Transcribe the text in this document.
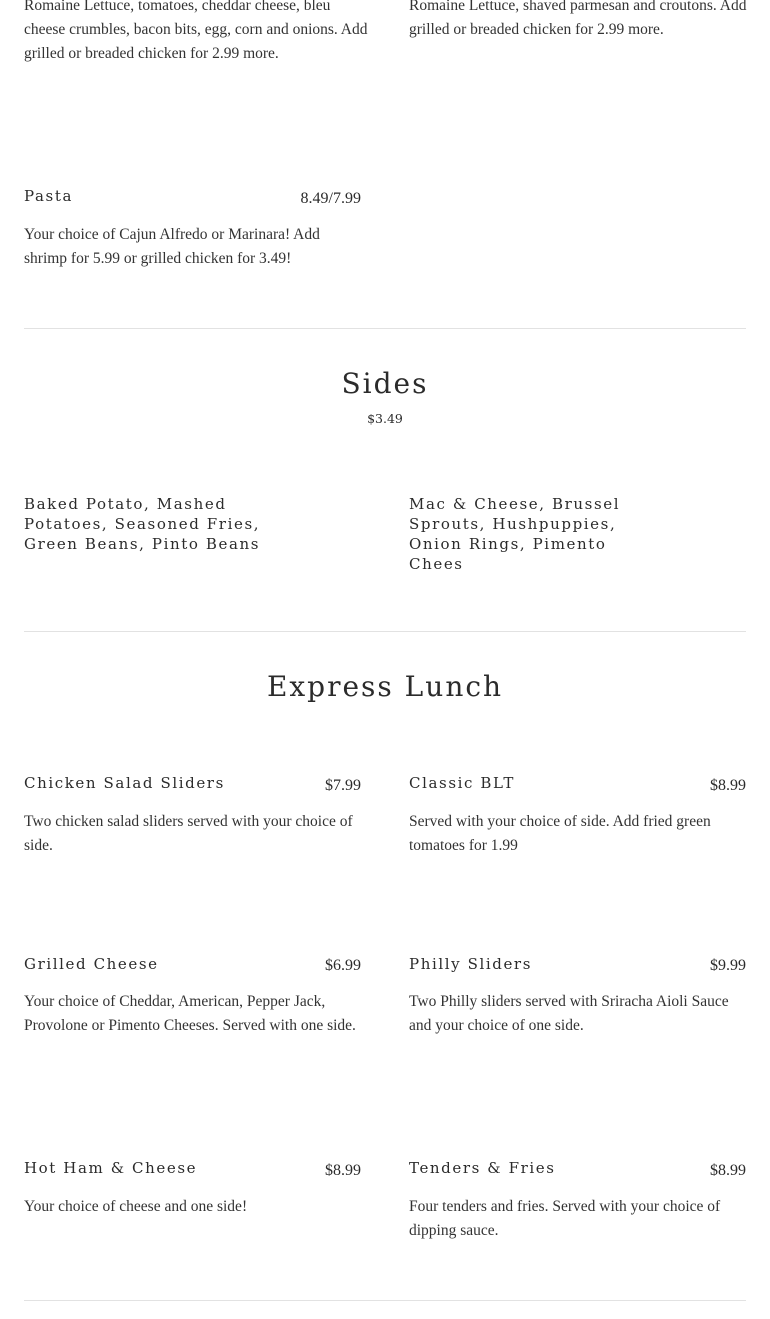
Romaine Lettuce, tomatoes, cheddar cheese, bleu cheese crumbles, bacon bits, egg, corn and onions. Add grilled or breaded chicken for 2.99 more.
Romaine Lettuce, shaved parmesan and croutons. Add grilled or breaded chicken for 2.99 more.
Pasta	8.49/7.99
Your choice of Cajun Alfredo or Marinara! Add shrimp for 5.99 or grilled chicken for 3.49!
Sides
$3.49
Baked Potato, Mashed Potatoes, Seasoned Fries, Green Beans, Pinto Beans
Mac & Cheese, Brussel Sprouts, Hushpuppies, Onion Rings, Pimento Chees
Express Lunch
Chicken Salad Sliders	$7.99
Two chicken salad sliders served with your choice of side.
Classic BLT	$8.99
Served with your choice of side. Add fried green tomatoes for 1.99
Grilled Cheese	$6.99
Your choice of Cheddar, American, Pepper Jack, Provolone or Pimento Cheeses. Served with one side.
Philly Sliders	$9.99
Two Philly sliders served with Sriracha Aioli Sauce and your choice of one side.
Hot Ham & Cheese	$8.99
Your choice of cheese and one side!
Tenders & Fries	$8.99
Four tenders and fries. Served with your choice of dipping sauce.
